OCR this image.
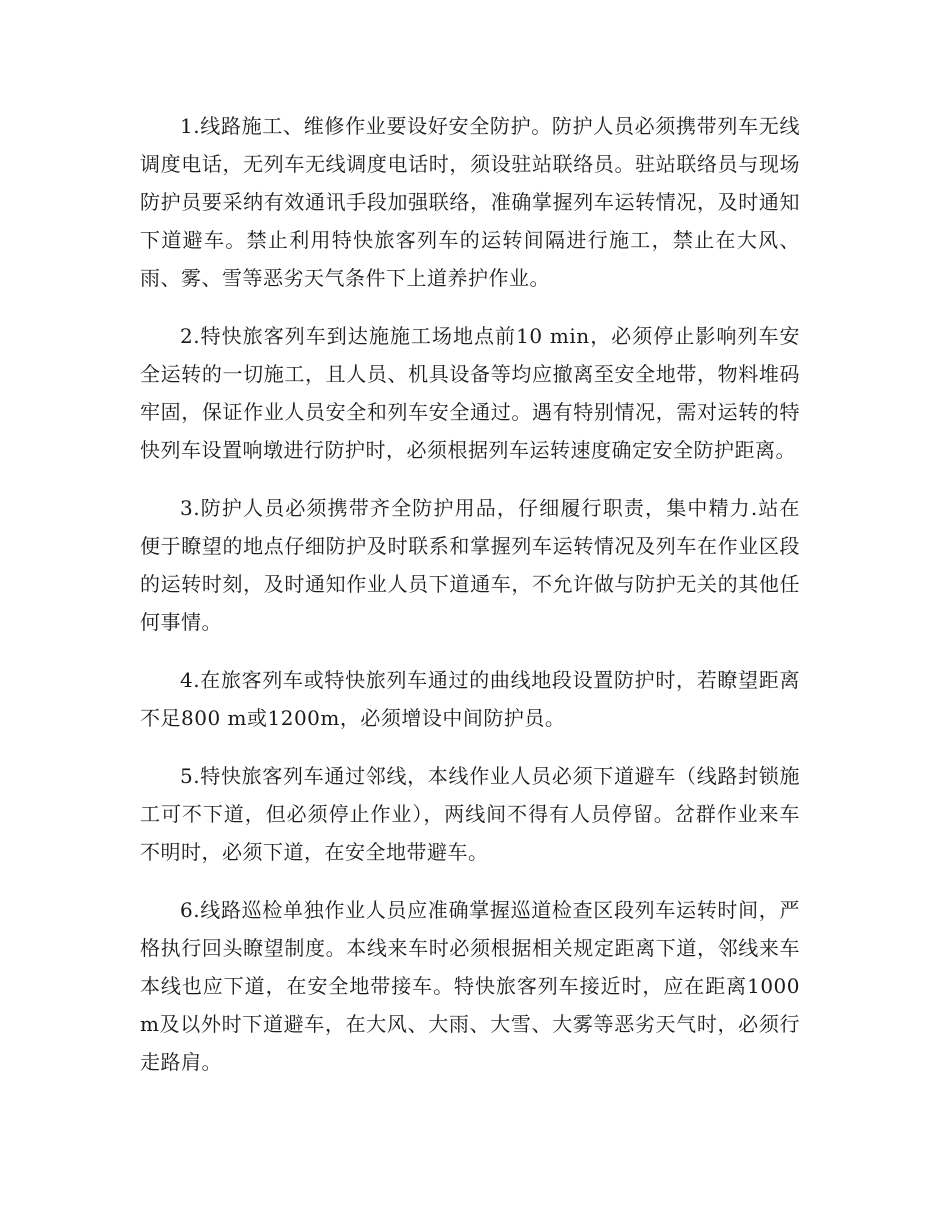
1.线路施工、维修作业要设好安全防护。防护人员必须携带列车无线调度电话，无列车无线调度电话时，须设驻站联络员。驻站联络员与现场防护员要采纳有效通讯手段加强联络，准确掌握列车运转情况，及时通知下道避车。禁止利用特快旅客列车的运转间隔进行施工，禁止在大风、雨、雾、雪等恶劣天气条件下上道养护作业。

2.特快旅客列车到达施施工场地点前10 min，必须停止影响列车安全运转的一切施工，且人员、机具设备等均应撤离至安全地带，物料堆码牢固，保证作业人员安全和列车安全通过。遇有特别情况，需对运转的特快列车设置响墩进行防护时，必须根据列车运转速度确定安全防护距离。

3.防护人员必须携带齐全防护用品，仔细履行职责，集中精力.站在便于瞭望的地点仔细防护及时联系和掌握列车运转情况及列车在作业区段的运转时刻，及时通知作业人员下道通车，不允许做与防护无关的其他任何事情。

4.在旅客列车或特快旅列车通过的曲线地段设置防护时，若瞭望距离不足800 m或1200m，必须增设中间防护员。

5.特快旅客列车通过邻线，本线作业人员必须下道避车（线路封锁施工可不下道，但必须停止作业），两线间不得有人员停留。岔群作业来车不明时，必须下道，在安全地带避车。

6.线路巡检单独作业人员应准确掌握巡道检查区段列车运转时间，严格执行回头瞭望制度。本线来车时必须根据相关规定距离下道，邻线来车本线也应下道，在安全地带接车。特快旅客列车接近时，应在距离1000m及以外时下道避车，在大风、大雨、大雪、大雾等恶劣天气时，必须行走路肩。
